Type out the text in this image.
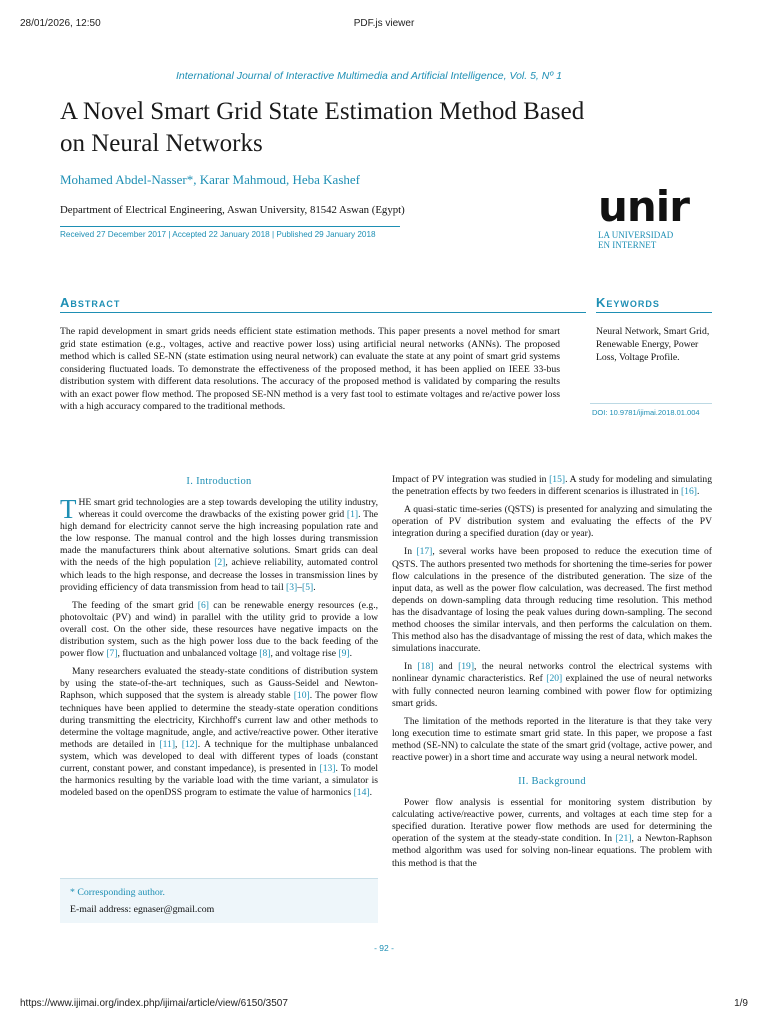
28/01/2026, 12:50	PDF.js viewer
International Journal of Interactive Multimedia and Artificial Intelligence, Vol. 5, Nº 1
A Novel Smart Grid State Estimation Method Based
on Neural Networks
Mohamed Abdel-Nasser*, Karar Mahmoud, Heba Kashef
Department of Electrical Engineering, Aswan University, 81542 Aswan (Egypt)
Received 27 December 2017 | Accepted 22 January 2018 | Published 29 January 2018
unir
LA UNIVERSIDAD
EN INTERNET
Abstract	Keywords
The rapid development in smart grids needs efficient state estimation methods. This paper presents a novel method for smart grid state estimation (e.g., voltages, active and reactive power loss) using artificial neural networks (ANNs). The proposed method which is called SE-NN (state estimation using neural network) can evaluate the state at any point of smart grid systems considering fluctuated loads. To demonstrate the effectiveness of the proposed method, it has been applied on IEEE 33-bus distribution system with different data resolutions. The accuracy of the proposed method is validated by comparing the results with an exact power flow method. The proposed SE-NN method is a very fast tool to estimate voltages and re/active power loss with a high accuracy compared to the traditional methods.
Neural Network, Smart Grid, Renewable Energy, Power Loss, Voltage Profile.
DOI: 10.9781/ijimai.2018.01.004
I. Introduction

THE smart grid technologies are a step towards developing the utility industry, whereas it could overcome the drawbacks of the existing power grid [1]. The high demand for electricity cannot serve the high increasing population rate and the low response. The manual control and the high losses during transmission made the manufacturers think about alternative solutions. Smart grids can deal with the needs of the high population [2], achieve reliability, automated control which leads to the high response, and decrease the losses in transmission lines by providing efficiency of data transmission from head to tail [3]–[5].

The feeding of the smart grid [6] can be renewable energy resources (e.g., photovoltaic (PV) and wind) in parallel with the utility grid to provide a low overall cost. On the other side, these resources have negative impacts on the distribution system, such as the high power loss due to the back feeding of the power flow [7], fluctuation and unbalanced voltage [8], and voltage rise [9].

Many researchers evaluated the steady-state conditions of distribution system by using the state-of-the-art techniques, such as Gauss-Seidel and Newton-Raphson, which supposed that the system is already stable [10]. The power flow techniques have been applied to determine the steady-state operation conditions during transmitting the electricity, Kirchhoff's current law and other methods to determine the voltage magnitude, angle, and active/reactive power. Other iterative methods are detailed in [11], [12]. A technique for the multiphase unbalanced system, which was developed to deal with different types of loads (constant current, constant power, and constant impedance), is presented in [13]. To model the harmonics resulting by the variable load with the time variant, a simulator is modeled based on the openDSS program to estimate the value of harmonics [14].

* Corresponding author.
E-mail address: egnaser@gmail.com

Impact of PV integration was studied in [15]. A study for modeling and simulating the penetration effects by two feeders in different scenarios is illustrated in [16].

A quasi-static time-series (QSTS) is presented for analyzing and simulating the operation of PV distribution system and evaluating the effects of the PV integration during a specified duration (day or year).

In [17], several works have been proposed to reduce the execution time of QSTS. The authors presented two methods for shortening the time-series for power flow calculations in the presence of the distributed generation. The size of the input data, as well as the power flow calculation, was decreased. The first method depends on down-sampling data through reducing time resolution. This method has the disadvantage of losing the peak values during down-sampling. The second method chooses the similar intervals, and then performs the calculation on them. This method also has the disadvantage of missing the rest of data, which makes the simulations inaccurate.

In [18] and [19], the neural networks control the electrical systems with nonlinear dynamic characteristics. Ref [20] explained the use of neural networks with fully connected neuron learning combined with power flow for optimizing smart grids.

The limitation of the methods reported in the literature is that they take very long execution time to estimate smart grid state. In this paper, we propose a fast method (SE-NN) to calculate the state of the smart grid (voltage, active power, and reactive power) in a short time and accurate way using a neural network model.

II. Background

Power flow analysis is essential for monitoring system distribution by calculating active/reactive power, currents, and voltages at each time step for a specified duration. Iterative power flow methods are used for determining the operation of the system at the steady-state condition. In [21], a Newton-Raphson method algorithm was used for solving non-linear equations. The problem with this method is that the

- 92 -
https://www.ijimai.org/index.php/ijimai/article/view/6150/3507	1/9
